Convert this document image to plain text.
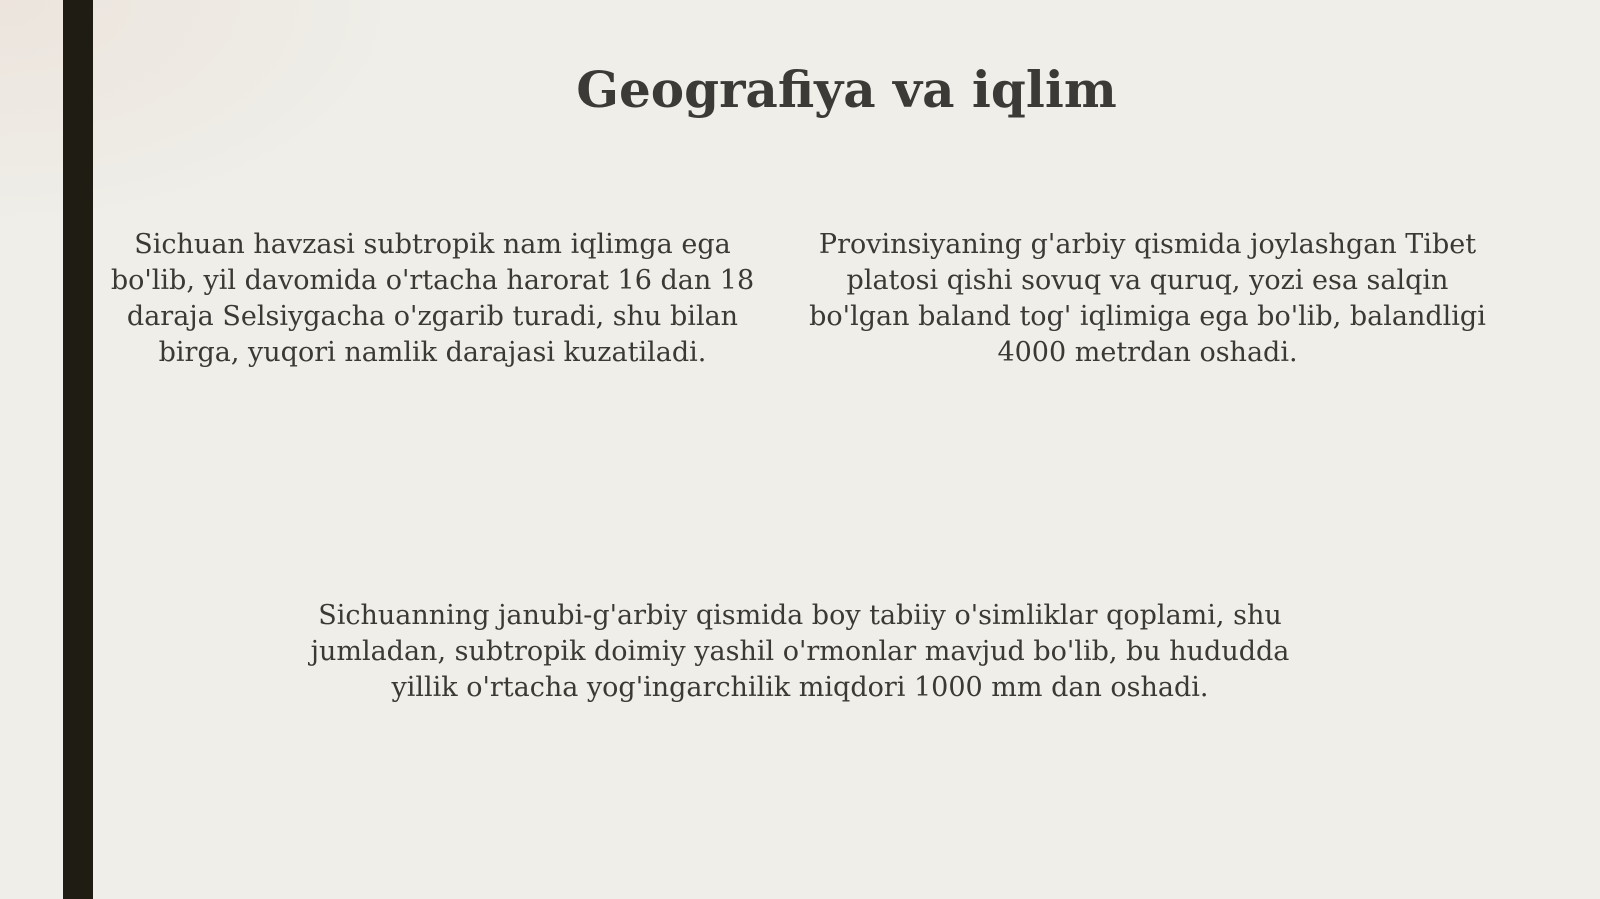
Geografiya va iqlim

Sichuan havzasi subtropik nam iqlimga ega bo'lib, yil davomida o'rtacha harorat 16 dan 18 daraja Selsiygacha o'zgarib turadi, shu bilan birga, yuqori namlik darajasi kuzatiladi.

Provinsiyaning g'arbiy qismida joylashgan Tibet platosi qishi sovuq va quruq, yozi esa salqin bo'lgan baland tog' iqlimiga ega bo'lib, balandligi 4000 metrdan oshadi.

Sichuanning janubi-g'arbiy qismida boy tabiiy o'simliklar qoplami, shu jumladan, subtropik doimiy yashil o'rmonlar mavjud bo'lib, bu hududda yillik o'rtacha yog'ingarchilik miqdori 1000 mm dan oshadi.
